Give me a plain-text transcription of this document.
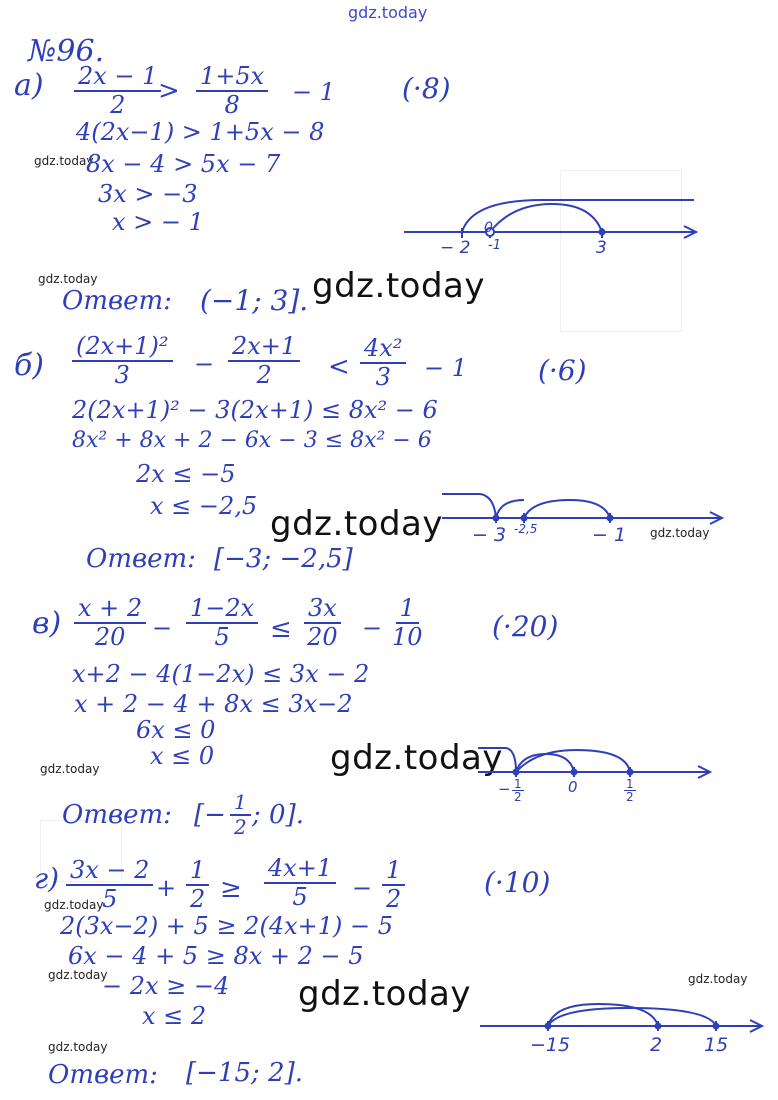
gdz.today
gdz.today
gdz.today
gdz.today
gdz.today
gdz.today
gdz.today
gdz.today
gdz.today
gdz.today
gdz.today	gdz.today
gdz.today
№96.
$а) \frac{2x - 1}{2}$
> $\frac{1+5x}{8} - 1$ (·8)
4(2x−1) > 1+5x − 8
8x − 4 > 5x − 7
3x > −3
x > − 1
− 2
0
-1	3
Ответ: (−1; 3].
$б) \frac{\text{(2x+1)²}}{3} - \frac{2x+1}{2} < \frac{\text{4x²}}{3} - 1$	(·6)
2(2x+1)² − 3(2x+1) ≤ 8x² − 6
8x² + 8x + 2 − 6x − 3 ≤ 8x² − 6
2x ≤ −5
x ≤ −2,5
− 3 -2,5	− 1
Ответ: [−3; −2,5]
$в) \frac{x + 2}{20} - \frac{1-2x}{5} \le \frac{3x}{20} - \frac{1}{10} (\cdot 20)$
x+2 − 4(1−2x) ≤ 3x − 2
x + 2 − 4 + 8x ≤ 3x−2
6x ≤ 0
x ≤ 0
− $\frac{1}{2}$	0	$\frac{1}{2}$
Ответ: [− $\frac{1}{2}$ ; 0].
$г) \frac{3x - 2}{5} + \frac{1}{2} \ge \frac{4x+1}{5} - \frac{1}{2}$	(·10)
2(3x−2) + 5 ≥ 2(4x+1) − 5
6x − 4 + 5 ≥ 8x + 2 − 5
− 2x ≥ −4
x ≤ 2
−15	2 15
Ответ: [−15; 2].
